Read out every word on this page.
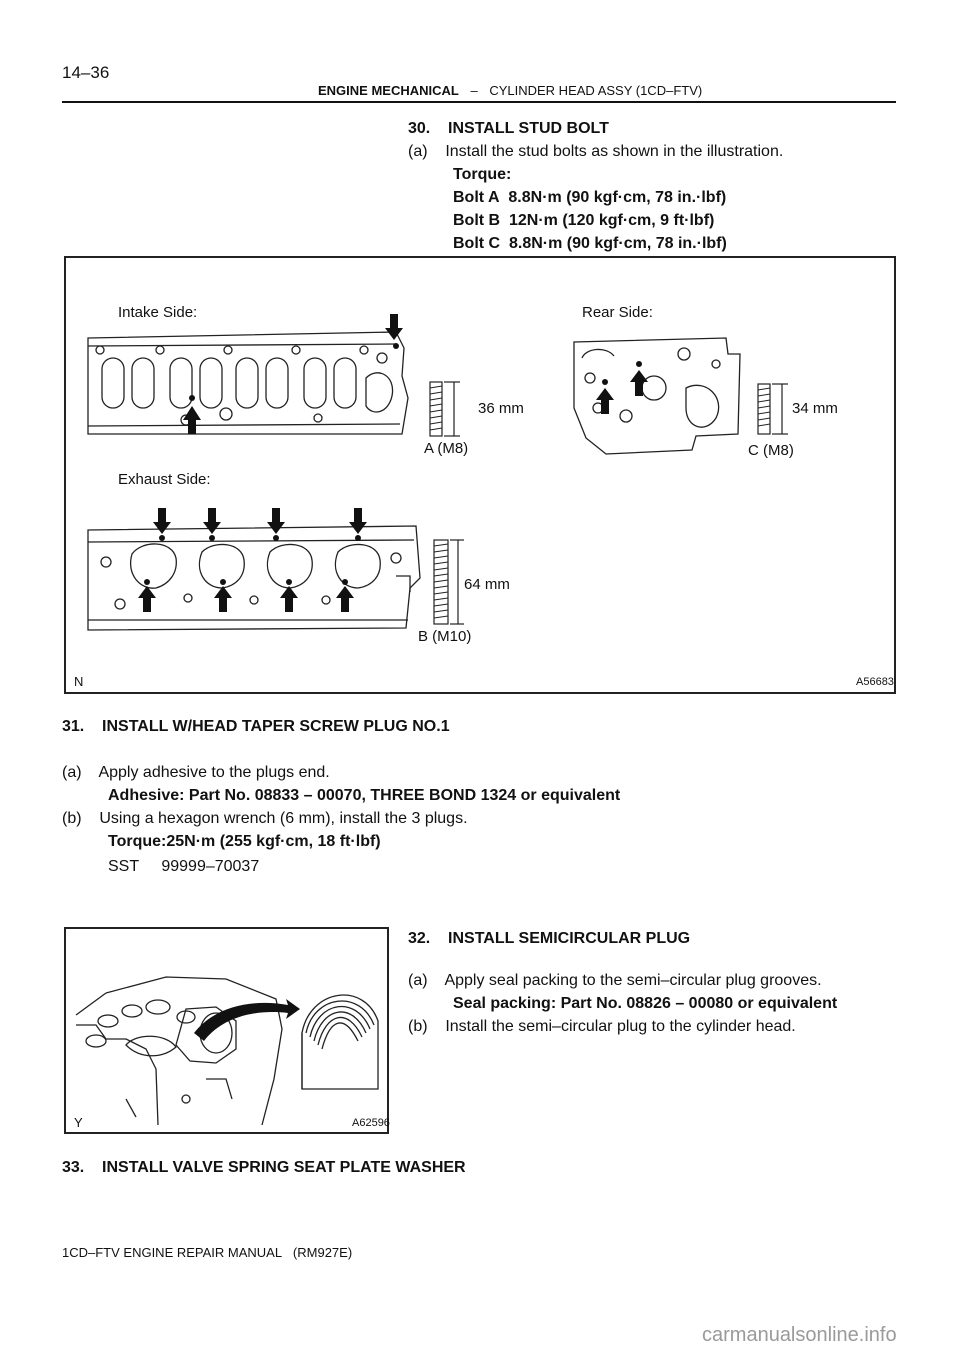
14–36
ENGINE MECHANICAL – CYLINDER HEAD ASSY (1CD–FTV)
30.    INSTALL STUD BOLT
(a)    Install the stud bolts as shown in the illustration.
Torque:
Bolt A  8.8N·m (90 kgf·cm, 78 in.·lbf)
Bolt B  12N·m (120 kgf·cm, 9 ft·lbf)
Bolt C  8.8N·m (90 kgf·cm, 78 in.·lbf)
Intake Side:	Rear Side:
Exhaust Side:
36 mm
A (M8)
34 mm
C (M8)
64 mm
B (M10)
N	A56683
31.    INSTALL W/HEAD TAPER SCREW PLUG NO.1
(a)    Apply adhesive to the plugs end.
Adhesive: Part No. 08833 – 00070, THREE BOND 1324 or equivalent
(b)    Using a hexagon wrench (6 mm), install the 3 plugs.
Torque:25N·m (255 kgf·cm, 18 ft·lbf)
SST     99999–70037
Y	A62596
32.    INSTALL SEMICIRCULAR PLUG
(a)    Apply seal packing to the semi–circular plug grooves.
Seal packing: Part No. 08826 – 00080 or equivalent
(b)    Install the semi–circular plug to the cylinder head.
33.    INSTALL VALVE SPRING SEAT PLATE WASHER
1CD–FTV ENGINE REPAIR MANUAL   (RM927E)
carmanualsonline.info
